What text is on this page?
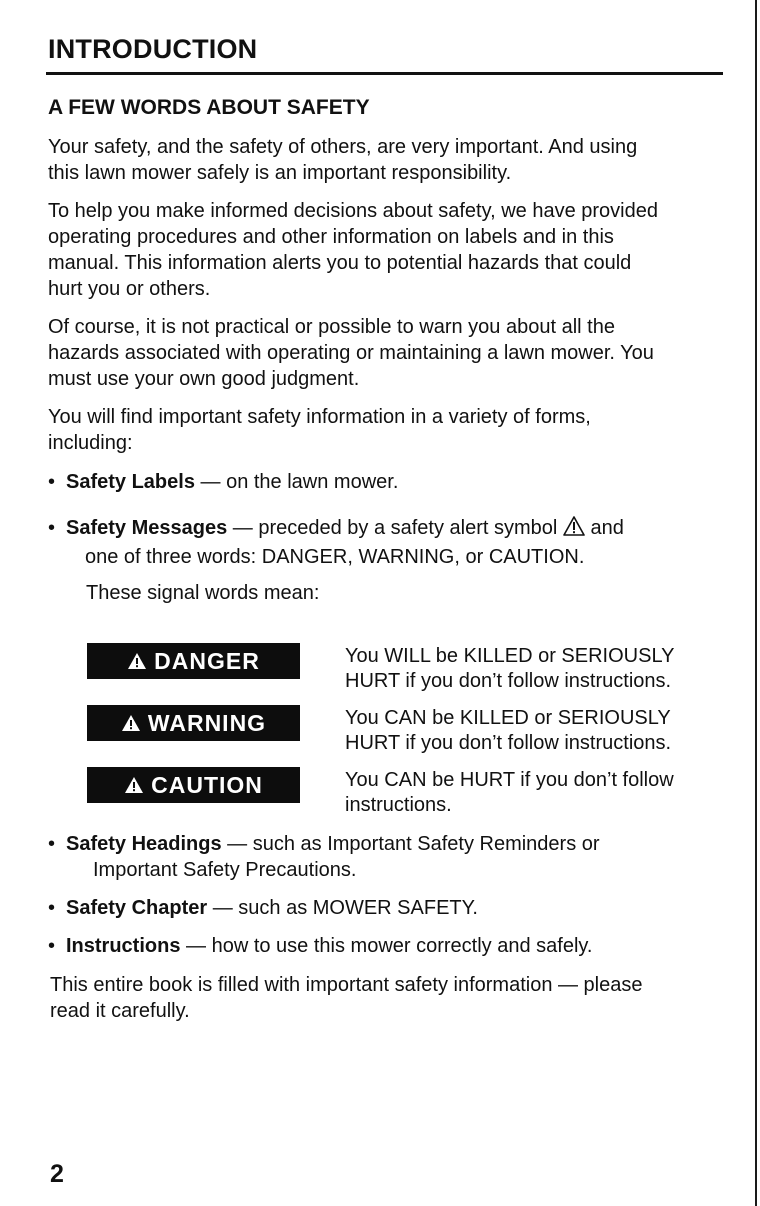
INTRODUCTION
A FEW WORDS ABOUT SAFETY
Your safety, and the safety of others, are very important. And using
this lawn mower safely is an important responsibility.
To help you make informed decisions about safety, we have provided
operating procedures and other information on labels and in this
manual. This information alerts you to potential hazards that could
hurt you or others.
Of course, it is not practical or possible to warn you about all the
hazards associated with operating or maintaining a lawn mower. You
must use your own good judgment.
You will find important safety information in a variety of forms,
including:
• Safety Labels — on the lawn mower.
• Safety Messages — preceded by a safety alert symbol  and
one of three words: DANGER, WARNING, or CAUTION.
These signal words mean:
DANGER	You WILL be KILLED or SERIOUSLY
HURT if you don’t follow instructions.
WARNING	You CAN be KILLED or SERIOUSLY
HURT if you don’t follow instructions.
CAUTION	You CAN be HURT if you don’t follow
instructions.
• Safety Headings — such as Important Safety Reminders or
Important Safety Precautions.
• Safety Chapter — such as MOWER SAFETY.
• Instructions — how to use this mower correctly and safely.
This entire book is filled with important safety information — please
read it carefully.
2
